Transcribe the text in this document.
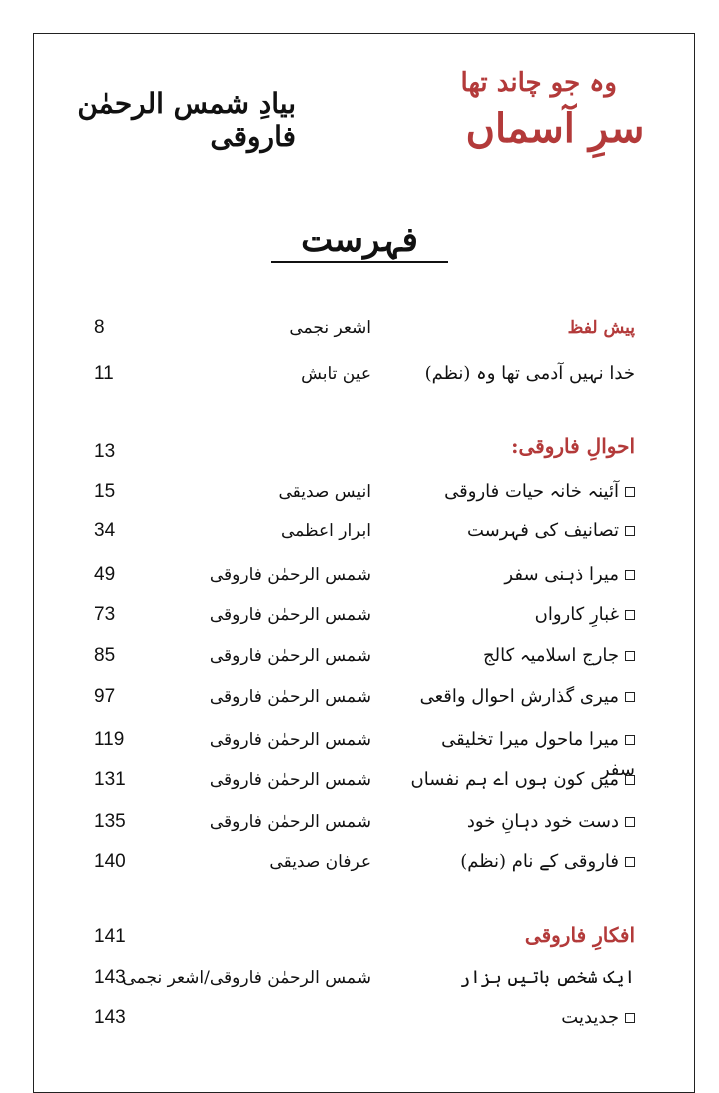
وہ جو چاند تھا
سرِ آسماں
بیادِ شمس الرحمٰن فاروقی
فہرست
پیش لفظ
اشعر نجمی
8
خدا نہیں آدمی تھا وہ (نظم)
عین تابش
11
احوالِ فاروقی:
13
آئینہ خانہ حیات فاروقی
انیس صدیقی
15
تصانیف کی فہرست
ابرار اعظمی
34
میرا ذہنی سفر
شمس الرحمٰن فاروقی
49
غبارِ کارواں
شمس الرحمٰن فاروقی
73
جارج اسلامیہ کالج
شمس الرحمٰن فاروقی
85
میری گذارش احوال واقعی
شمس الرحمٰن فاروقی
97
میرا ماحول میرا تخلیقی سفر
شمس الرحمٰن فاروقی
119
میں کون ہوں اے ہم نفساں
شمس الرحمٰن فاروقی
131
دست خود دہانِ خود
شمس الرحمٰن فاروقی
135
فاروقی کے نام (نظم)
عرفان صدیقی
140
افکارِ فاروقی
141
ایک شخص باتیں ہزار
شمس الرحمٰن فاروقی/اشعر نجمی
143
جدیدیت
143
